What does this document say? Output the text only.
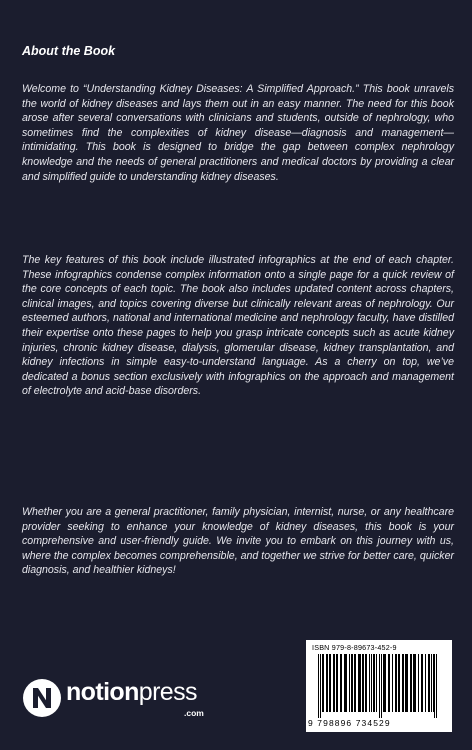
About the Book

Welcome to “Understanding Kidney Diseases: A Simplified Approach.” This book unravels the world of kidney diseases and lays them out in an easy manner. The need for this book arose after several conversations with clinicians and students, outside of nephrology, who sometimes find the complexities of kidney disease—diagnosis and management—intimidating. This book is designed to bridge the gap between complex nephrology knowledge and the needs of general practitioners and medical doctors by providing a clear and simplified guide to understanding kidney diseases.

The key features of this book include illustrated infographics at the end of each chapter. These infographics condense complex information onto a single page for a quick review of the core concepts of each topic. The book also includes updated content across chapters, clinical images, and topics covering diverse but clinically relevant areas of nephrology. Our esteemed authors, national and international medicine and nephrology faculty, have distilled their expertise onto these pages to help you grasp intricate concepts such as acute kidney injuries, chronic kidney disease, dialysis, glomerular disease, kidney transplantation, and kidney infections in simple easy-to-understand language. As a cherry on top, we’ve dedicated a bonus section exclusively with infographics on the approach and management of electrolyte and acid-base disorders.

Whether you are a general practitioner, family physician, internist, nurse, or any healthcare provider seeking to enhance your knowledge of kidney diseases, this book is your comprehensive and user-friendly guide. We invite you to embark on this journey with us, where the complex becomes comprehensible, and together we strive for better care, quicker diagnosis, and healthier kidneys!

ISBN 979-8-89673-452-9
9 798896 734529
notionpress
.com
